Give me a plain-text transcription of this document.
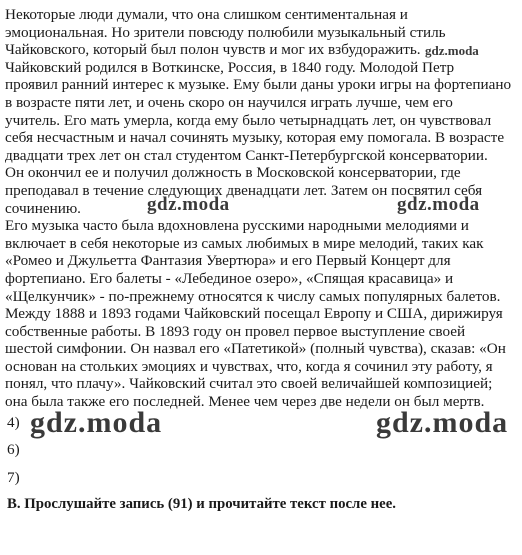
Некоторые люди думали, что она слишком сентиментальная и
эмоциональная. Но зрители повсюду полюбили музыкальный стиль
Чайковского, который был полон чувств и мог их взбудоражить. gdz.moda
Чайковский родился в Воткинске, Россия, в 1840 году. Молодой Петр
проявил ранний интерес к музыке. Ему были даны уроки игры на фортепиано
в возрасте пяти лет, и очень скоро он научился играть лучше, чем его
учитель. Его мать умерла, когда ему было четырнадцать лет, он чувствовал
себя несчастным и начал сочинять музыку, которая ему помогала. В возрасте
двадцати трех лет он стал студентом Санкт-Петербургской консерватории.
Он окончил ее и получил должность в Московской консерватории, где
преподавал в течение следующих двенадцати лет. Затем он посвятил себя
сочинению.	gdz.moda	gdz.moda
Его музыка часто была вдохновлена русскими народными мелодиями и
включает в себя некоторые из самых любимых в мире мелодий, таких как
«Ромео и Джульетта Фантазия Увертюра» и его Первый Концерт для
фортепиано. Его балеты - «Лебединое озеро», «Спящая красавица» и
«Щелкунчик» - по-прежнему относятся к числу самых популярных балетов.
Между 1888 и 1893 годами Чайковский посещал Европу и США, дирижируя
собственные работы. В 1893 году он провел первое выступление своей
шестой симфонии. Он назвал его «Патетикой» (полный чувства), сказав: «Он
основан на стольких эмоциях и чувствах, что, когда я сочинил эту работу, я
понял, что плачу». Чайковский считал это своей величайшей композицией;
она была также его последней. Менее чем через две недели он был мертв.
4) gdz.moda	gdz.moda
6)
7)
В. Прослушайте запись (91) и прочитайте текст после нее.
